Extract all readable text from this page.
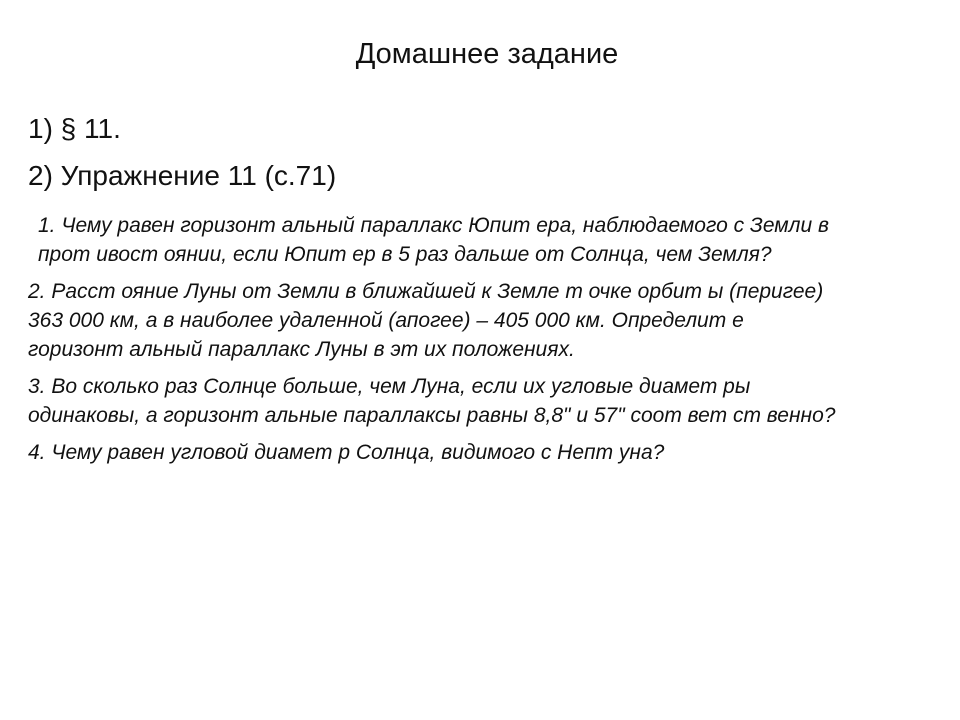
Домашнее задание

1) § 11.

2) Упражнение 11 (с.71)

1. Чему равен горизонт альный параллакс Юпит ера, наблюдаемого с Земли в
прот ивост оянии, если Юпит ер в 5 раз дальше от Солнца, чем Земля?

2. Расст ояние Луны от Земли в ближайшей к Земле т очке орбит ы (перигее)
363 000 км, а в наиболее удаленной (апогее) – 405 000 км. Определит е
горизонт альный параллакс Луны в эт их положениях.

3. Во сколько раз Солнце больше, чем Луна, если их угловые диамет ры
одинаковы, а горизонт альные параллаксы равны 8,8" и 57" соот вет ст венно?

4. Чему равен угловой диамет р Солнца, видимого с Непт уна?
